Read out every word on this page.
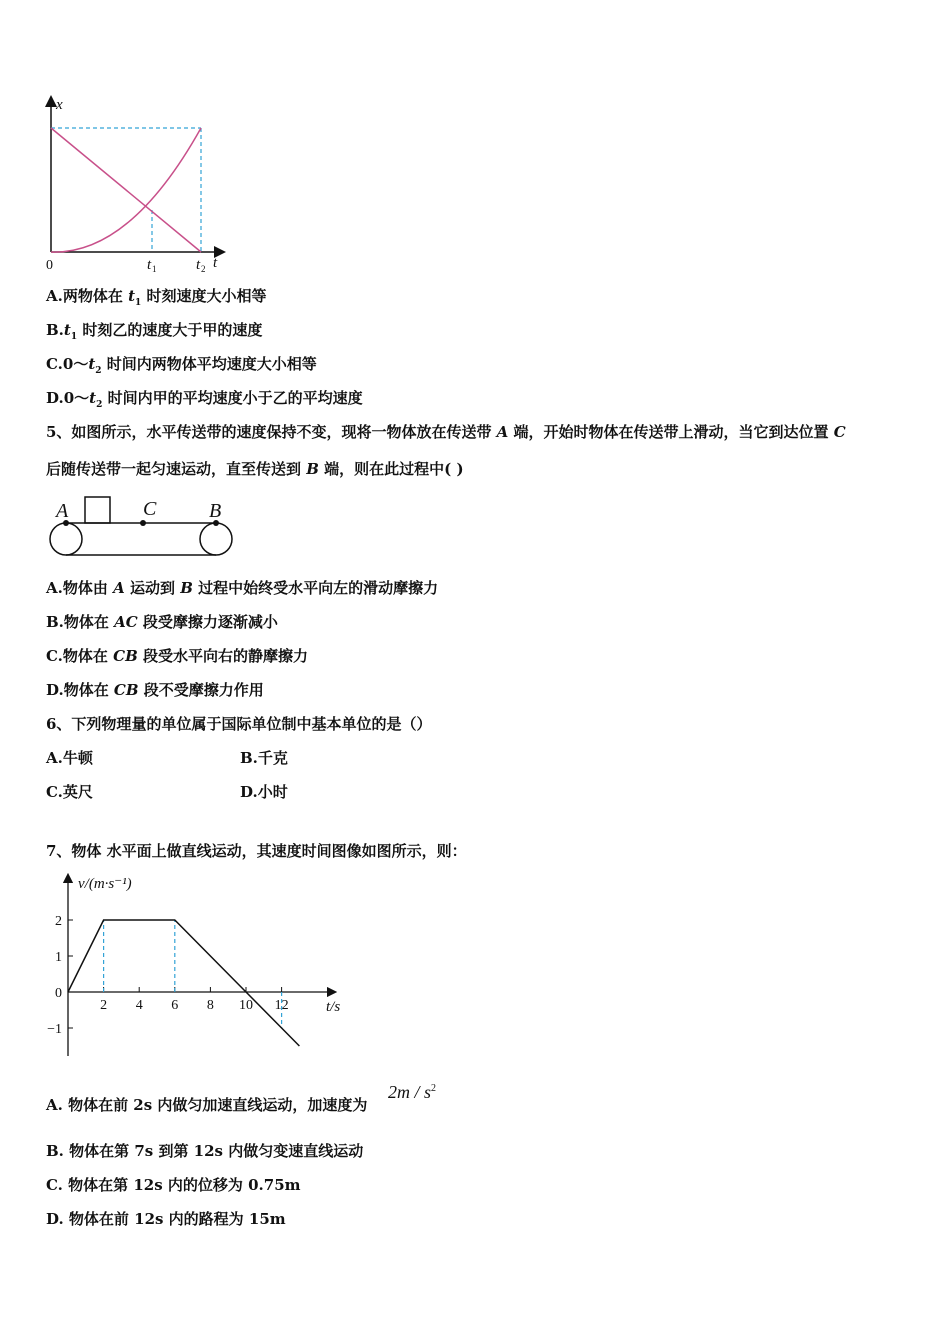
x
0	t 1	t 2 t
A.两物体在 $t_1$ 时刻速度大小相等
$B.t_1$ 时刻乙的速度大于甲的速度
$C.0\sim t_2$ 时间内两物体平均速度大小相等
$D.0\sim t_2$ 时间内甲的平均速度小于乙的平均速度
5、如图所示，水平传送带的速度保持不变，现将一物体放在传送带 A 端，开始时物体在传送带上滑动，当它到达位置 C
后随传送带一起匀速运动，直至传送到 B 端，则在此过程中( )
A	C	B
A.物体由 A 运动到 B 过程中始终受水平向左的滑动摩擦力
B.物体在 AC 段受摩擦力逐渐减小
C.物体在 CB 段受水平向右的静摩擦力
D.物体在 CB 段不受摩擦力作用
6、下列物理量的单位属于国际单位制中基本单位的是（）
A.牛顿	B.千克
C.英尺	D.小时
7、物体 水平面上做直线运动，其速度时间图像如图所示，则：
v/(m·s⁻¹)
t/s
2 4 6 8 10 12
2
1
0
−1
A. 物体在前 2s 内做匀加速直线运动，加速度为
$2m / s^2$
B. 物体在第 7s 到第 12s 内做匀变速直线运动
C. 物体在第 12s 内的位移为 0.75m
D. 物体在前 12s 内的路程为 15m
